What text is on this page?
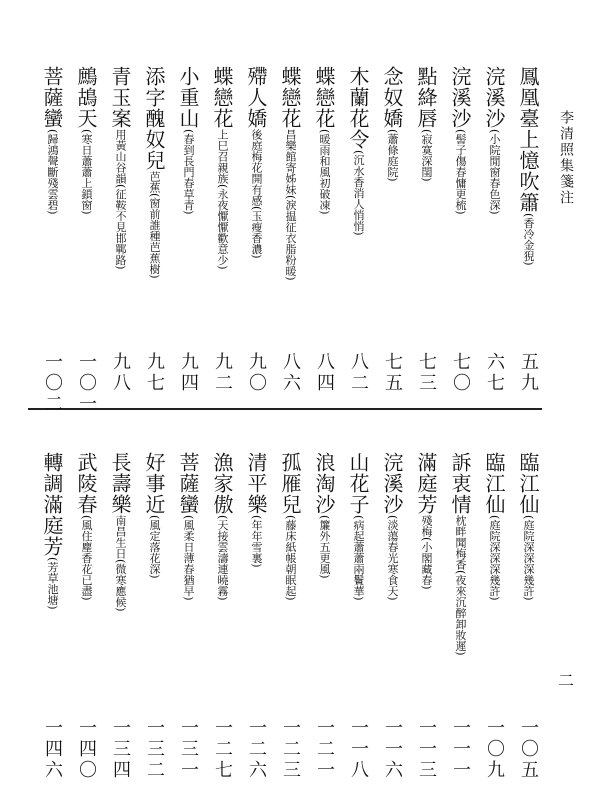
李清照集箋注
二
鳳凰臺上憶吹簫(香冷金猊)
五九
浣溪沙(小院閒窗春色深)
六七
浣溪沙(髻子傷春慵更梳)
七〇
點絳唇(寂寞深閨)
七三
念奴嬌(蕭條庭院)
七五
木蘭花令(沉水香消人悄悄)
八二
蝶戀花(暖雨和風初破凍)
八四
蝶戀花昌樂館寄姊妹(淚揾征衣脂粉暖)
八六
殢人嬌後庭梅花開有感(玉瘦香濃)
九〇
蝶戀花上巳召親族(永夜懨懨歡意少)
九二
小重山(春到長門春草青)
九四
添字醜奴兒芭蕉(窗前誰種芭蕉樹)
九七
青玉案用黃山谷韻(征鞍不見邯鄲路)
九八
鷓鴣天(寒日蕭蕭上鎖窗)
一〇一
菩薩蠻(歸鴻聲斷殘雲碧)
一〇二
臨江仙(庭院深深深幾許)
一〇五
臨江仙(庭院深深深幾許)
一〇九
訴衷情枕畔聞梅香(夜來沉醉卸妝遲)
一一一
滿庭芳殘梅(小閣藏春)
一一三
浣溪沙(淡蕩春光寒食天)
一一六
山花子(病起蕭蕭兩鬢華)
一一八
浪淘沙(簾外五更風)
一二一
孤雁兒(藤床紙帳朝眠起)
一二三
清平樂(年年雪裏)
一二六
漁家傲(天接雲濤連曉霧)
一二七
菩薩蠻(風柔日薄春猶早)
一三一
好事近(風定落花深)
一三二
長壽樂南昌生日(微寒應候)
一三四
武陵春(風住塵香花已盡)
一四〇
轉調滿庭芳(芳草池塘)
一四六
